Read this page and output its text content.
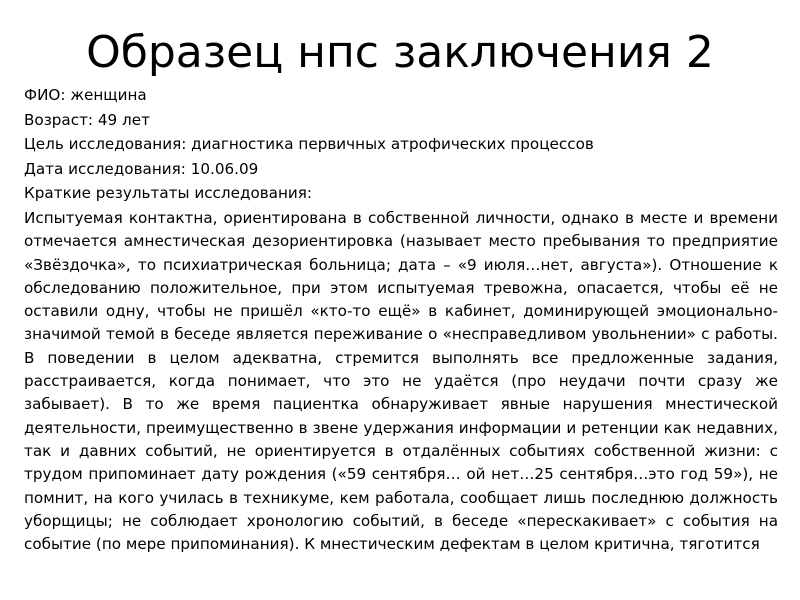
Образец нпс заключения 2

ФИО: женщина

Возраст: 49 лет

Цель исследования: диагностика первичных атрофических процессов

Дата исследования: 10.06.09

Краткие результаты исследования:

Испытуемая контактна, ориентирована в собственной личности, однако в месте и времени отмечается амнестическая дезориентировка (называет место пребывания то предприятие «Звёздочка», то психиатрическая больница; дата – «9 июля…нет, августа»). Отношение к обследованию положительное, при этом испытуемая тревожна, опасается, чтобы её не оставили одну, чтобы не пришёл «кто-то ещё» в кабинет, доминирующей эмоционально-значимой темой в беседе является переживание о «несправедливом увольнении» с работы. В поведении в целом адекватна, стремится выполнять все предложенные задания, расстраивается, когда понимает, что это не удаётся (про неудачи почти сразу же забывает). В то же время пациентка обнаруживает явные нарушения мнестической деятельности, преимущественно в звене удержания информации и ретенции как недавних, так и давних событий, не ориентируется в отдалённых событиях собственной жизни: с трудом припоминает дату рождения («59 сентября… ой нет…25 сентября…это год 59»), не помнит, на кого училась в техникуме, кем работала, сообщает лишь последнюю должность уборщицы; не соблюдает хронологию событий, в беседе «перескакивает» с события на событие (по мере припоминания). К мнестическим дефектам в целом критична, тяготится
